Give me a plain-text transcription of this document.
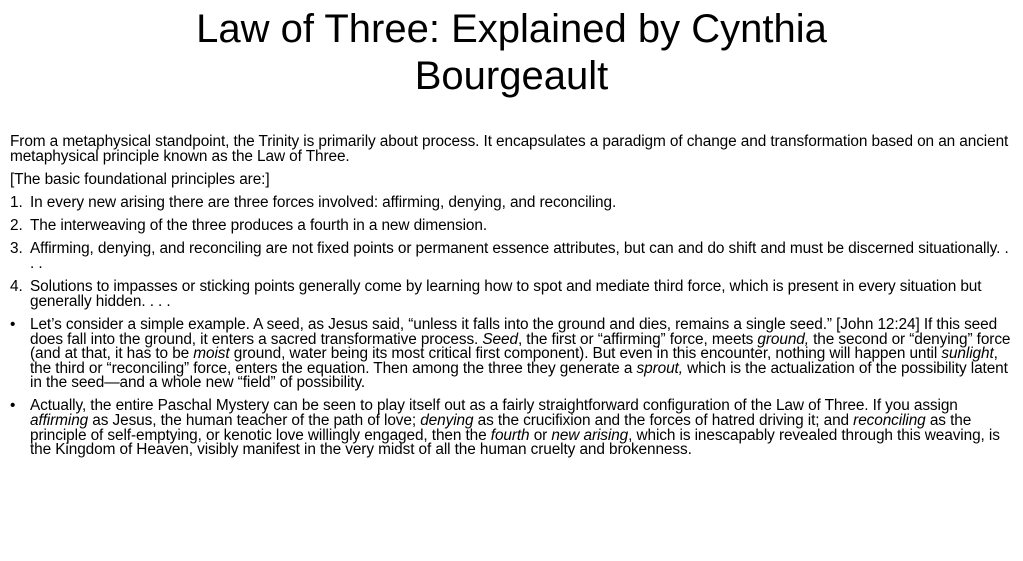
Law of Three: Explained by Cynthia
Bourgeault

From a metaphysical standpoint, the Trinity is primarily about process. It encapsulates a paradigm of change and transformation based on an ancient metaphysical principle known as the Law of Three.

[The basic foundational principles are:]

1. In every new arising there are three forces involved: affirming, denying, and reconciling.
2. The interweaving of the three produces a fourth in a new dimension.
3. Affirming, denying, and reconciling are not fixed points or permanent essence attributes, but can and do shift and must be discerned situationally. . . .
4. Solutions to impasses or sticking points generally come by learning how to spot and mediate third force, which is present in every situation but generally hidden. . . .
• Let’s consider a simple example. A seed, as Jesus said, “unless it falls into the ground and dies, remains a single seed.” [John 12:24] If this seed does fall into the ground, it enters a sacred transformative process. Seed, the first or “affirming” force, meets ground, the second or “denying” force (and at that, it has to be moist ground, water being its most critical first component). But even in this encounter, nothing will happen until sunlight, the third or “reconciling” force, enters the equation. Then among the three they generate a sprout, which is the actualization of the possibility latent in the seed—and a whole new “field” of possibility.
• Actually, the entire Paschal Mystery can be seen to play itself out as a fairly straightforward configuration of the Law of Three. If you assign affirming as Jesus, the human teacher of the path of love; denying as the crucifixion and the forces of hatred driving it; and reconciling as the principle of self-emptying, or kenotic love willingly engaged, then the fourth or new arising, which is inescapably revealed through this weaving, is the Kingdom of Heaven, visibly manifest in the very midst of all the human cruelty and brokenness.
